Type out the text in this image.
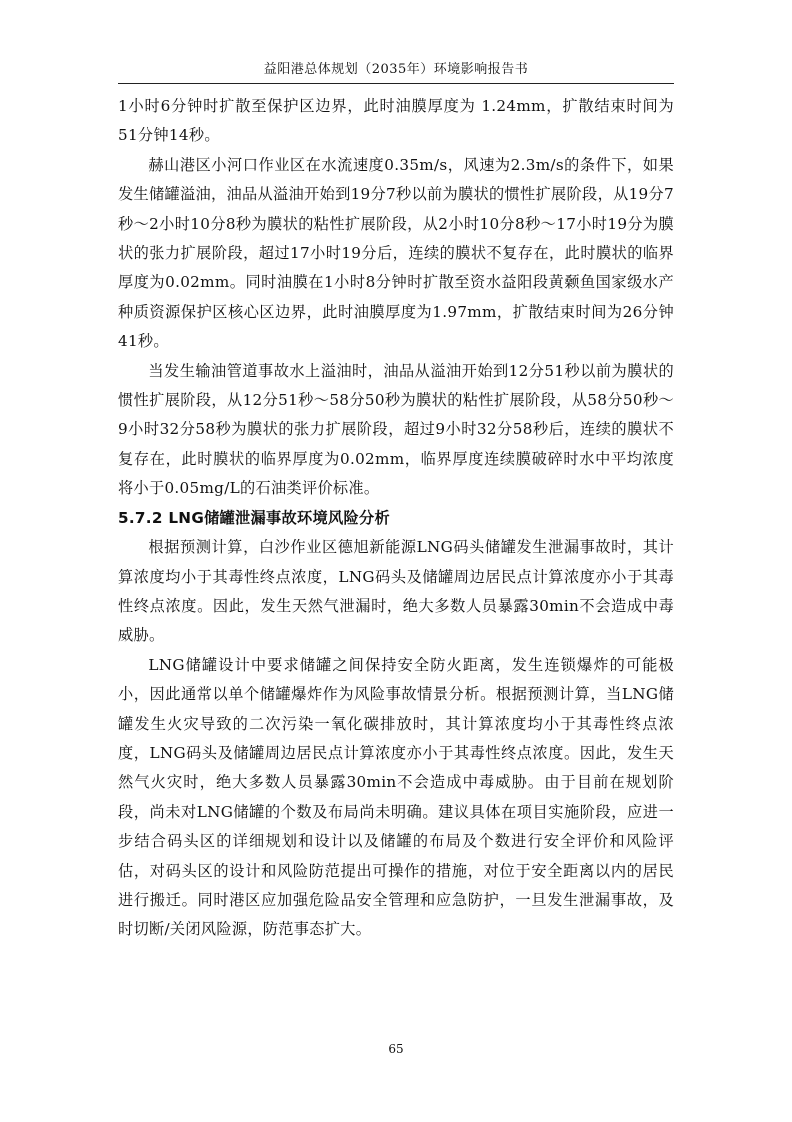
益阳港总体规划（2035年）环境影响报告书

1小时6分钟时扩散至保护区边界，此时油膜厚度为 1.24mm，扩散结束时间为 51分钟14秒。

赫山港区小河口作业区在水流速度0.35m/s，风速为2.3m/s的条件下，如果发生储罐溢油，油品从溢油开始到19分7秒以前为膜状的惯性扩展阶段，从19分7秒～2小时10分8秒为膜状的粘性扩展阶段，从2小时10分8秒～17小时19分为膜状的张力扩展阶段，超过17小时19分后，连续的膜状不复存在，此时膜状的临界厚度为0.02mm。同时油膜在1小时8分钟时扩散至资水益阳段黄颡鱼国家级水产种质资源保护区核心区边界，此时油膜厚度为1.97mm，扩散结束时间为26分钟41秒。

当发生输油管道事故水上溢油时，油品从溢油开始到12分51秒以前为膜状的惯性扩展阶段，从12分51秒～58分50秒为膜状的粘性扩展阶段，从58分50秒～9小时32分58秒为膜状的张力扩展阶段，超过9小时32分58秒后，连续的膜状不复存在，此时膜状的临界厚度为0.02mm，临界厚度连续膜破碎时水中平均浓度将小于0.05mg/L的石油类评价标准。

5.7.2 LNG储罐泄漏事故环境风险分析

根据预测计算，白沙作业区德旭新能源LNG码头储罐发生泄漏事故时，其计算浓度均小于其毒性终点浓度，LNG码头及储罐周边居民点计算浓度亦小于其毒性终点浓度。因此，发生天然气泄漏时，绝大多数人员暴露30min不会造成中毒威胁。

LNG储罐设计中要求储罐之间保持安全防火距离，发生连锁爆炸的可能极小，因此通常以单个储罐爆炸作为风险事故情景分析。根据预测计算，当LNG储罐发生火灾导致的二次污染一氧化碳排放时，其计算浓度均小于其毒性终点浓度，LNG码头及储罐周边居民点计算浓度亦小于其毒性终点浓度。因此，发生天然气火灾时，绝大多数人员暴露30min不会造成中毒威胁。由于目前在规划阶段，尚未对LNG储罐的个数及布局尚未明确。建议具体在项目实施阶段，应进一步结合码头区的详细规划和设计以及储罐的布局及个数进行安全评价和风险评估，对码头区的设计和风险防范提出可操作的措施，对位于安全距离以内的居民进行搬迁。同时港区应加强危险品安全管理和应急防护，一旦发生泄漏事故，及时切断/关闭风险源，防范事态扩大。

65
